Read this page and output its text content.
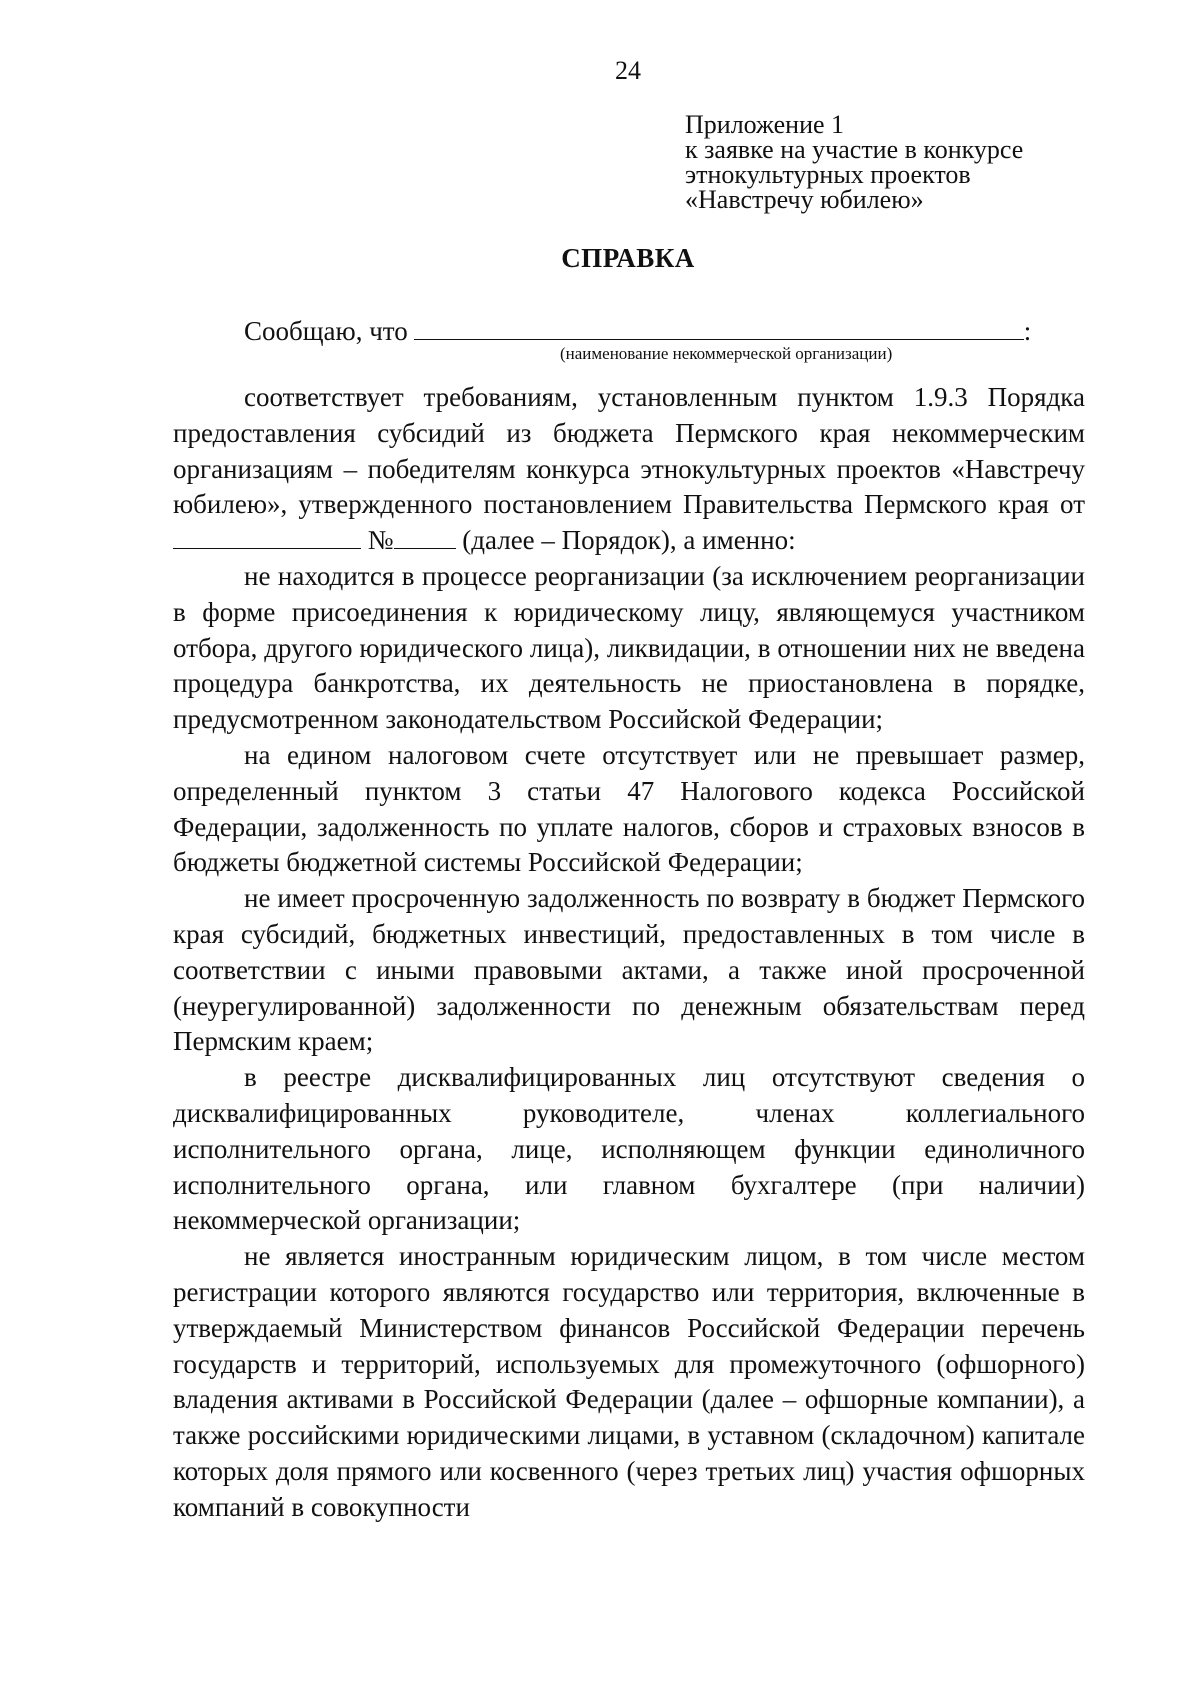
24
Приложение 1
к заявке на участие в конкурсе
этнокультурных проектов
«Навстречу юбилею»
СПРАВКА
Сообщаю, что	:
(наименование некоммерческой организации)

соответствует требованиям, установленным пунктом 1.9.3 Порядка предоставления субсидий из бюджета Пермского края некоммерческим организациям – победителям конкурса этнокультурных проектов «Навстречу юбилею», утвержденного постановлением Правительства Пермского края от  №	(далее – Порядок), а именно:

не находится в процессе реорганизации (за исключением реорганизации в форме присоединения к юридическому лицу, являющемуся участником отбора, другого юридического лица), ликвидации, в отношении них не введена процедура банкротства, их деятельность не приостановлена в порядке, предусмотренном законодательством Российской Федерации;

на едином налоговом счете отсутствует или не превышает размер, определенный пунктом 3 статьи 47 Налогового кодекса Российской Федерации, задолженность по уплате налогов, сборов и страховых взносов в бюджеты бюджетной системы Российской Федерации;

не имеет просроченную задолженность по возврату в бюджет Пермского края субсидий, бюджетных инвестиций, предоставленных в том числе в соответствии с иными правовыми актами, а также иной просроченной (неурегулированной) задолженности по денежным обязательствам перед Пермским краем;

в реестре дисквалифицированных лиц отсутствуют сведения о дисквалифицированных руководителе, членах коллегиального исполнительного органа, лице, исполняющем функции единоличного исполнительного органа, или главном бухгалтере (при наличии) некоммерческой организации;

не является иностранным юридическим лицом, в том числе местом регистрации которого являются государство или территория, включенные в утверждаемый Министерством финансов Российской Федерации перечень государств и территорий, используемых для промежуточного (офшорного) владения активами в Российской Федерации (далее – офшорные компании), а также российскими юридическими лицами, в уставном (складочном) капитале которых доля прямого или косвенного (через третьих лиц) участия офшорных компаний в совокупности
